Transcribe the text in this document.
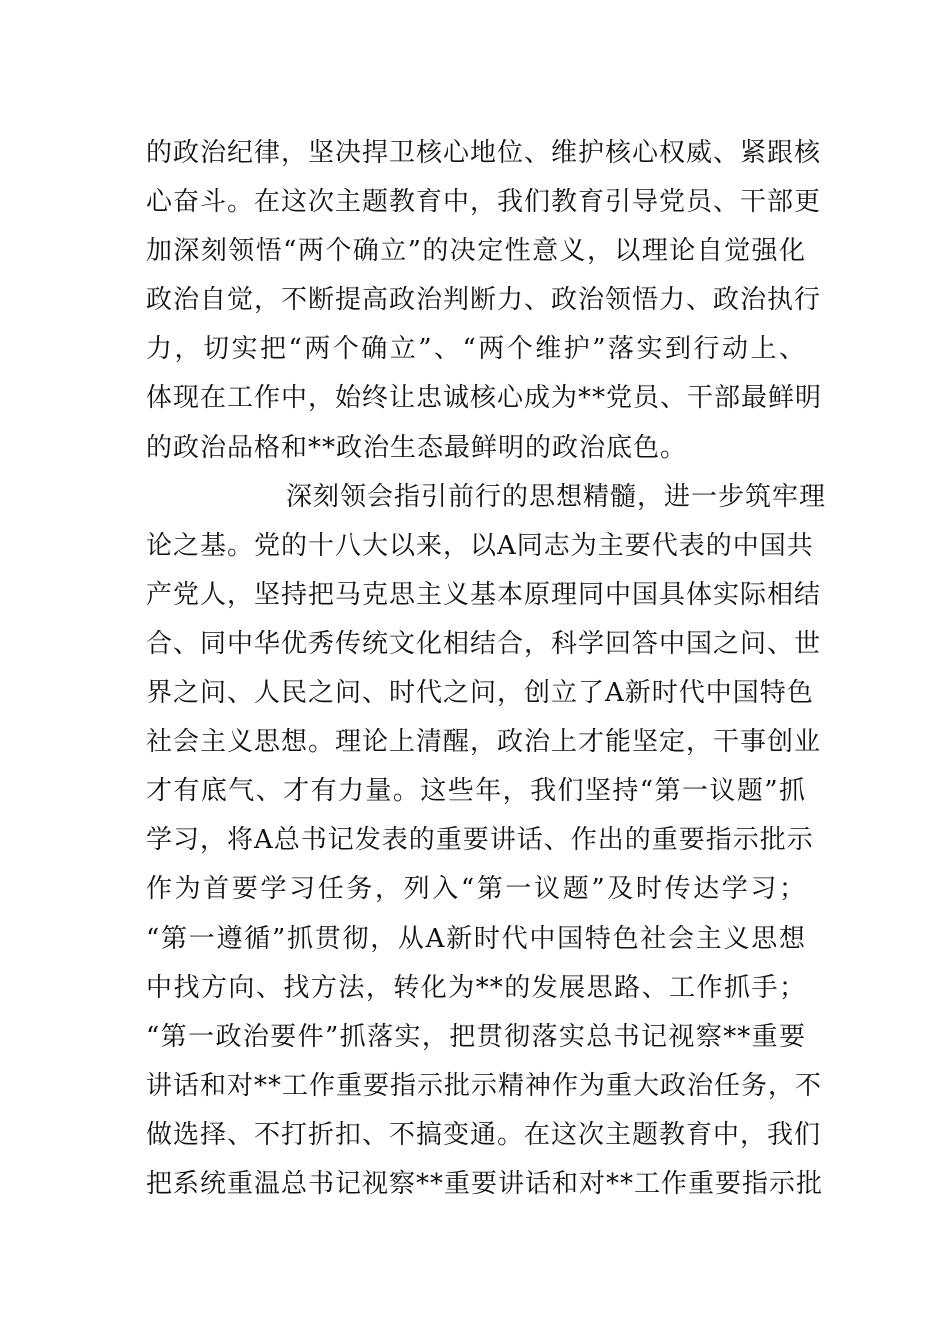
的政治纪律，坚决捍卫核心地位、维护核心权威、紧跟核
心奋斗。在这次主题教育中，我们教育引导党员、干部更
加深刻领悟“两个确立”的决定性意义，以理论自觉强化
政治自觉，不断提高政治判断力、政治领悟力、政治执行
力，切实把“两个确立”、“两个维护”落实到行动上、
体现在工作中，始终让忠诚核心成为**党员、干部最鲜明
的政治品格和**政治生态最鲜明的政治底色。
深刻领会指引前行的思想精髓，进一步筑牢理
论之基。党的十八大以来，以A同志为主要代表的中国共
产党人，坚持把马克思主义基本原理同中国具体实际相结
合、同中华优秀传统文化相结合，科学回答中国之问、世
界之问、人民之问、时代之问，创立了A新时代中国特色
社会主义思想。理论上清醒，政治上才能坚定，干事创业
才有底气、才有力量。这些年，我们坚持“第一议题”抓
学习，将A总书记发表的重要讲话、作出的重要指示批示
作为首要学习任务，列入“第一议题”及时传达学习；
“第一遵循”抓贯彻，从A新时代中国特色社会主义思想
中找方向、找方法，转化为**的发展思路、工作抓手；
“第一政治要件”抓落实，把贯彻落实总书记视察**重要
讲话和对**工作重要指示批示精神作为重大政治任务，不
做选择、不打折扣、不搞变通。在这次主题教育中，我们
把系统重温总书记视察**重要讲话和对**工作重要指示批
